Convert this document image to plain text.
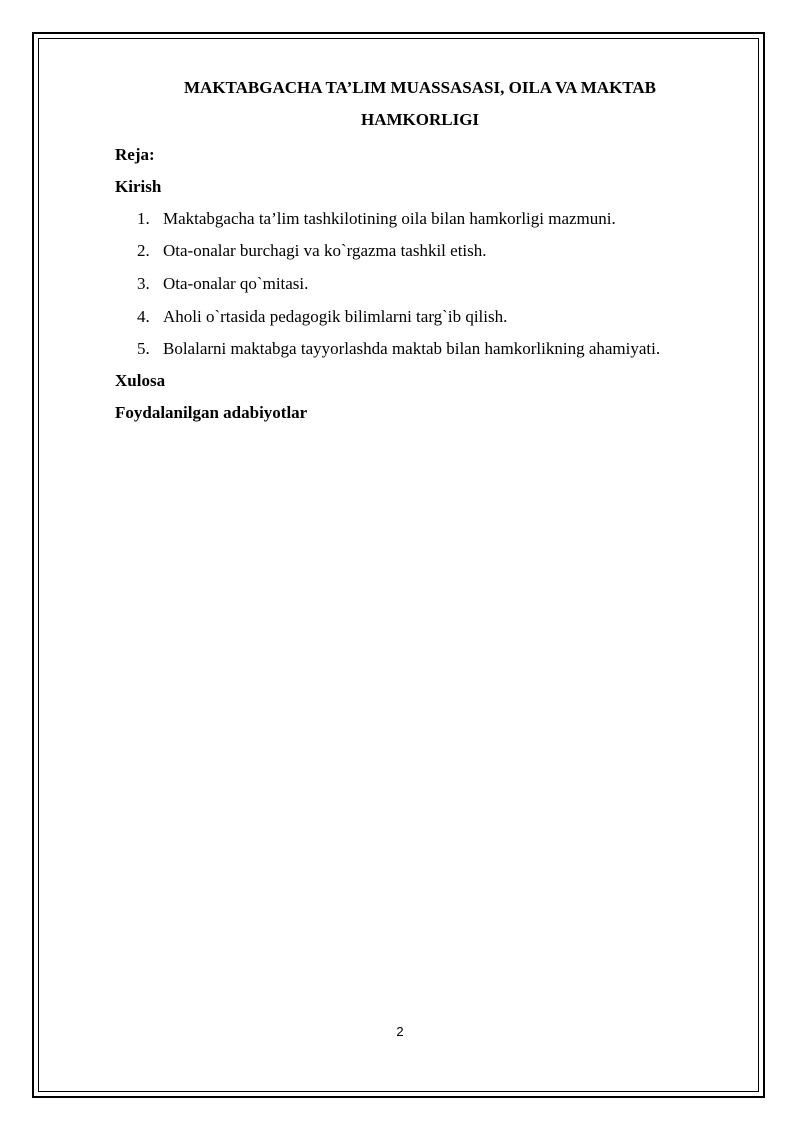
MAKTABGACHA TA’LIM MUASSASASI, OILA VA MAKTAB
HAMKORLIGI
Reja:
Kirish
1. Maktabgacha ta’lim tashkilotining oila bilan hamkorligi mazmuni.
2. Ota-onalar burchagi va ko`rgazma tashkil etish.
3. Ota-onalar qo`mitasi.
4. Aholi o`rtasida pedagogik bilimlarni targ`ib qilish.
5. Bolalarni maktabga tayyorlashda maktab bilan hamkorlikning ahamiyati.
Xulosa
Foydalanilgan adabiyotlar
2
